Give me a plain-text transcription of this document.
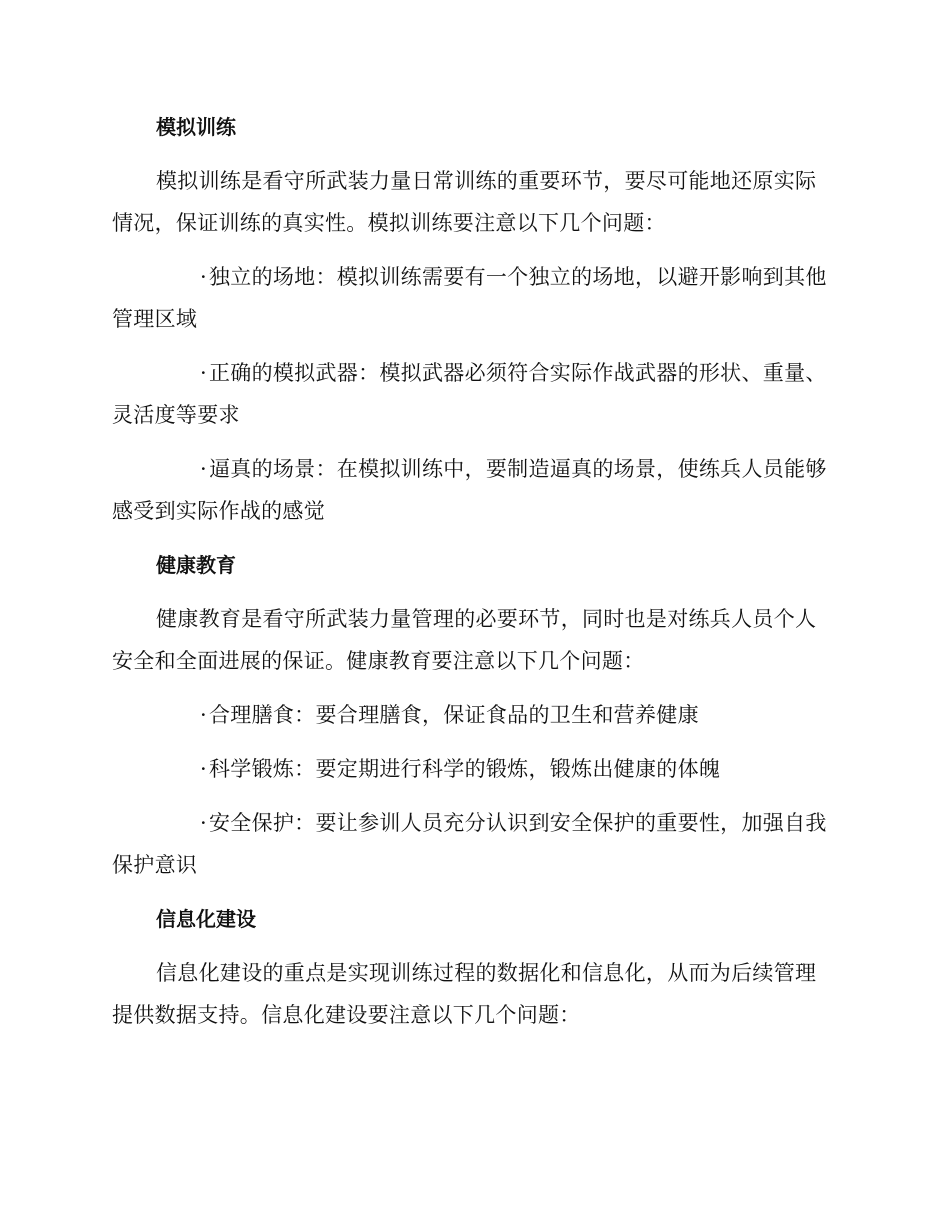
模拟训练
模拟训练是看守所武装力量日常训练的重要环节，要尽可能地还原实际情况，保证训练的真实性。模拟训练要注意以下几个问题：
·独立的场地：模拟训练需要有一个独立的场地，以避开影响到其他管理区域
·正确的模拟武器：模拟武器必须符合实际作战武器的形状、重量、灵活度等要求
·逼真的场景：在模拟训练中，要制造逼真的场景，使练兵人员能够感受到实际作战的感觉
健康教育
健康教育是看守所武装力量管理的必要环节，同时也是对练兵人员个人安全和全面进展的保证。健康教育要注意以下几个问题：
·合理膳食：要合理膳食，保证食品的卫生和营养健康
·科学锻炼：要定期进行科学的锻炼，锻炼出健康的体魄
·安全保护：要让参训人员充分认识到安全保护的重要性，加强自我保护意识
信息化建设
信息化建设的重点是实现训练过程的数据化和信息化，从而为后续管理提供数据支持。信息化建设要注意以下几个问题：
